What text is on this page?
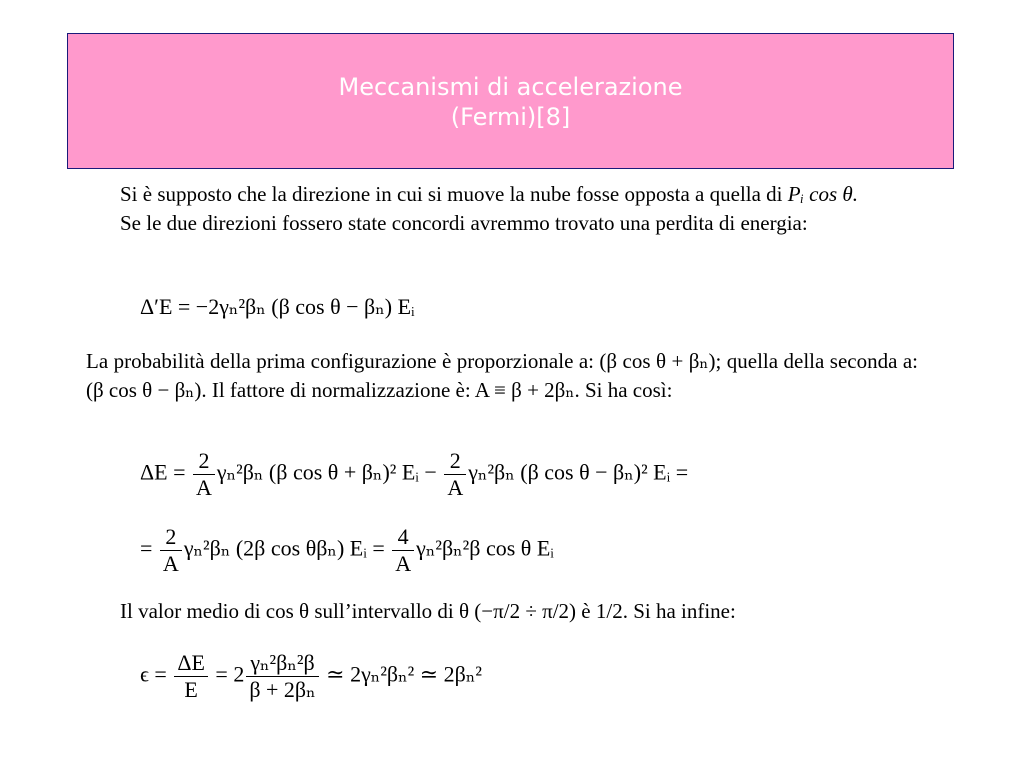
Meccanismi di accelerazione
(Fermi)[8]

Si è supposto che la direzione in cui si muove la nube fosse opposta a quella di Pᵢ cos θ.

Se le due direzioni fossero state concordi avremmo trovato una perdita di energia:

Δ′E = −2γₙ²βₙ (β cos θ − βₙ) Eᵢ

La probabilità della prima configurazione è proporzionale a: (β cos θ + βₙ); quella della seconda a: (β cos θ − βₙ). Il fattore di normalizzazione è: A ≡ β + 2βₙ. Si ha così:

$\Delta E = \frac{2}{A} \gamma_n^2\beta_n$ (β cos θ + βₙ)² Eᵢ − $\frac{2}{A} \gamma_n^2\beta_n$ (β cos θ − βₙ)² Eᵢ =
= $\frac{2}{A} \gamma_n^2\beta_n$ (2β cos θβₙ) Eᵢ = $\frac{4}{A} \gamma_n^2\beta_n^2\beta$ cos θ Eᵢ

Il valor medio di cos θ sull’intervallo di θ (−π/2 ÷ π/2) è 1/2. Si ha infine:

$\epsilon = \frac{\Delta E}{E} = 2 \frac{\text{γₙ²βₙ²β}}{\text{β + 2βₙ}}$ ≃ 2γₙ²βₙ² ≃ 2βₙ²
